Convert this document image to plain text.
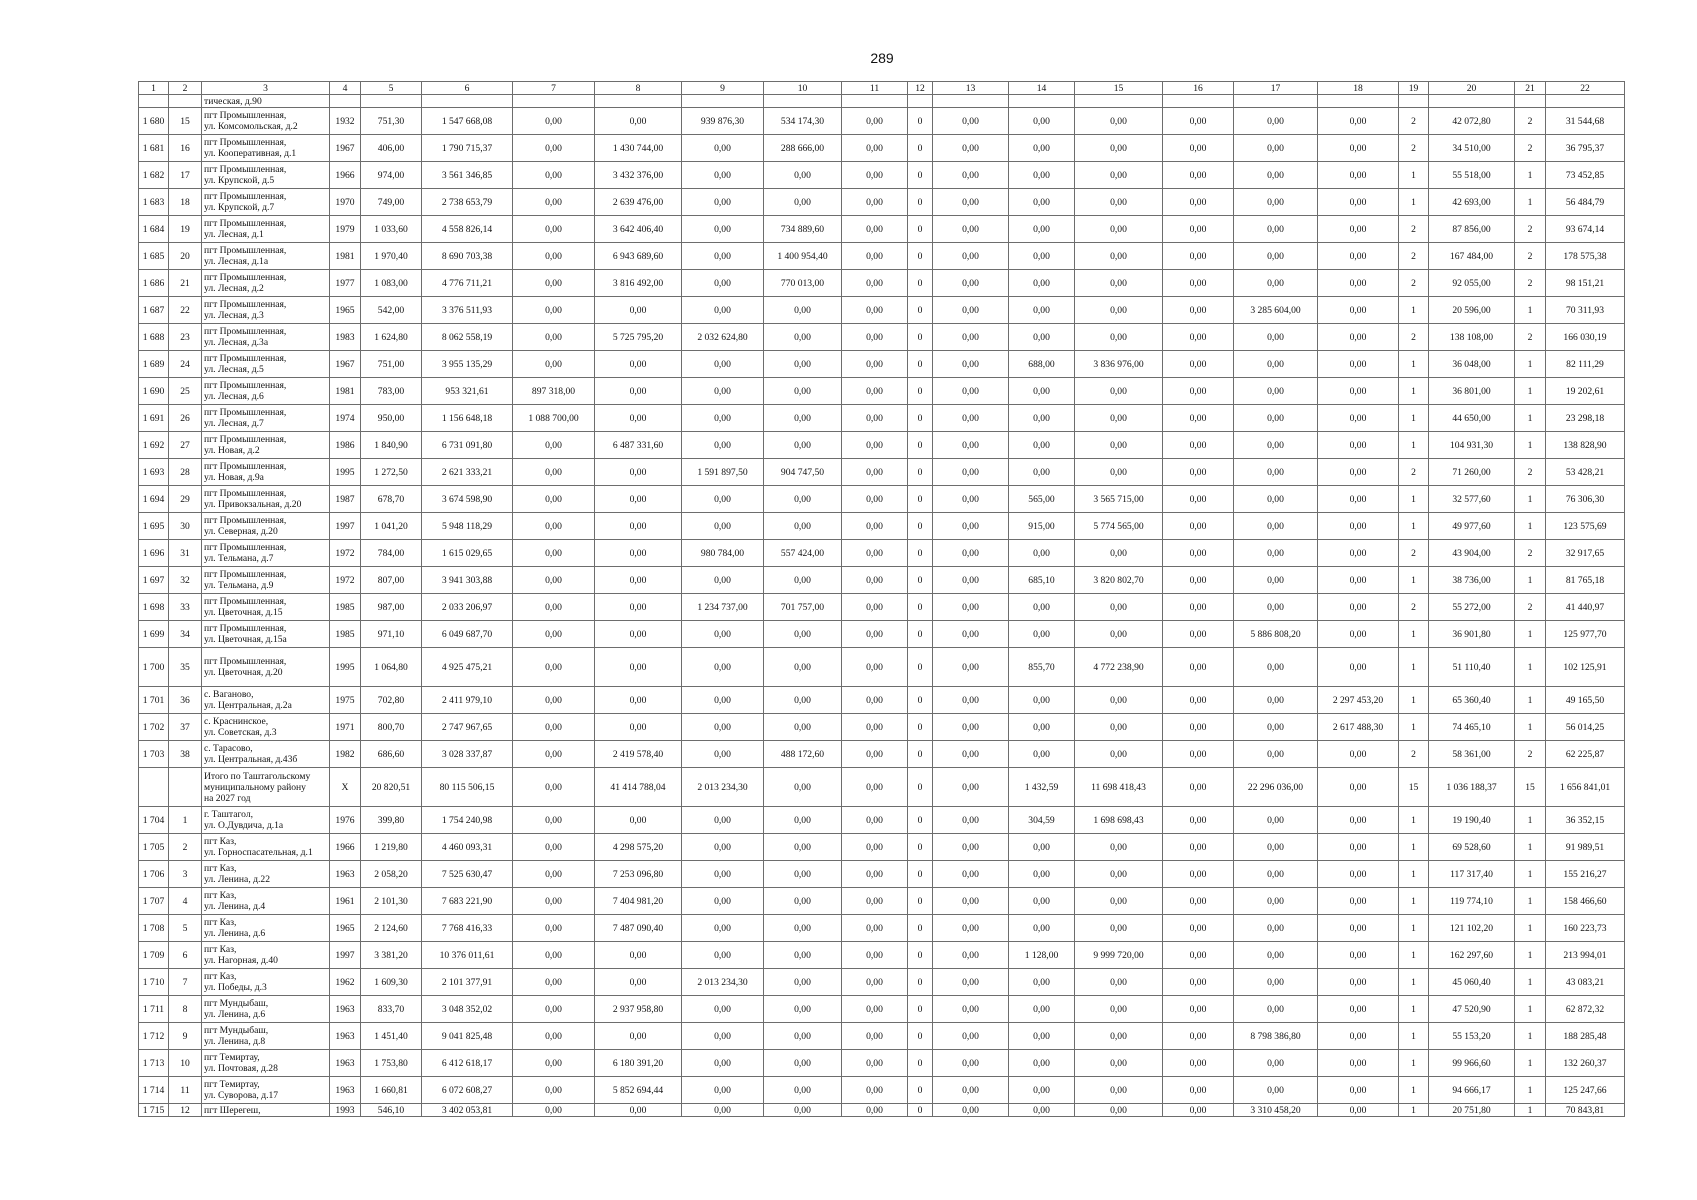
289
1	2	3	4	5	6	7	8	9	10	11	12	13	14	15	16	17	18	19	20	21	22
		тическая, д.90																			
1 680	15	пгт Промышленная,
ул. Комсомольская, д.2	1932	751,30	1 547 668,08	0,00	0,00	939 876,30	534 174,30	0,00	0	0,00	0,00	0,00	0,00	0,00	0,00	2	42 072,80	2	31 544,68
1 681	16	пгт Промышленная,
ул. Кооперативная, д.1	1967	406,00	1 790 715,37	0,00	1 430 744,00	0,00	288 666,00	0,00	0	0,00	0,00	0,00	0,00	0,00	0,00	2	34 510,00	2	36 795,37
1 682	17	пгт Промышленная,
ул. Крупской, д.5	1966	974,00	3 561 346,85	0,00	3 432 376,00	0,00	0,00	0,00	0	0,00	0,00	0,00	0,00	0,00	0,00	1	55 518,00	1	73 452,85
1 683	18	пгт Промышленная,
ул. Крупской, д.7	1970	749,00	2 738 653,79	0,00	2 639 476,00	0,00	0,00	0,00	0	0,00	0,00	0,00	0,00	0,00	0,00	1	42 693,00	1	56 484,79
1 684	19	пгт Промышленная,
ул. Лесная, д.1	1979	1 033,60	4 558 826,14	0,00	3 642 406,40	0,00	734 889,60	0,00	0	0,00	0,00	0,00	0,00	0,00	0,00	2	87 856,00	2	93 674,14
1 685	20	пгт Промышленная,
ул. Лесная, д.1а	1981	1 970,40	8 690 703,38	0,00	6 943 689,60	0,00	1 400 954,40	0,00	0	0,00	0,00	0,00	0,00	0,00	0,00	2	167 484,00	2	178 575,38
1 686	21	пгт Промышленная,
ул. Лесная, д.2	1977	1 083,00	4 776 711,21	0,00	3 816 492,00	0,00	770 013,00	0,00	0	0,00	0,00	0,00	0,00	0,00	0,00	2	92 055,00	2	98 151,21
1 687	22	пгт Промышленная,
ул. Лесная, д.3	1965	542,00	3 376 511,93	0,00	0,00	0,00	0,00	0,00	0	0,00	0,00	0,00	0,00	3 285 604,00	0,00	1	20 596,00	1	70 311,93
1 688	23	пгт Промышленная,
ул. Лесная, д.3а	1983	1 624,80	8 062 558,19	0,00	5 725 795,20	2 032 624,80	0,00	0,00	0	0,00	0,00	0,00	0,00	0,00	0,00	2	138 108,00	2	166 030,19
1 689	24	пгт Промышленная,
ул. Лесная, д.5	1967	751,00	3 955 135,29	0,00	0,00	0,00	0,00	0,00	0	0,00	688,00	3 836 976,00	0,00	0,00	0,00	1	36 048,00	1	82 111,29
1 690	25	пгт Промышленная,
ул. Лесная, д.6	1981	783,00	953 321,61	897 318,00	0,00	0,00	0,00	0,00	0	0,00	0,00	0,00	0,00	0,00	0,00	1	36 801,00	1	19 202,61
1 691	26	пгт Промышленная,
ул. Лесная, д.7	1974	950,00	1 156 648,18	1 088 700,00	0,00	0,00	0,00	0,00	0	0,00	0,00	0,00	0,00	0,00	0,00	1	44 650,00	1	23 298,18
1 692	27	пгт Промышленная,
ул. Новая, д.2	1986	1 840,90	6 731 091,80	0,00	6 487 331,60	0,00	0,00	0,00	0	0,00	0,00	0,00	0,00	0,00	0,00	1	104 931,30	1	138 828,90
1 693	28	пгт Промышленная,
ул. Новая, д.9а	1995	1 272,50	2 621 333,21	0,00	0,00	1 591 897,50	904 747,50	0,00	0	0,00	0,00	0,00	0,00	0,00	0,00	2	71 260,00	2	53 428,21
1 694	29	пгт Промышленная,
ул. Привокзальная, д.20	1987	678,70	3 674 598,90	0,00	0,00	0,00	0,00	0,00	0	0,00	565,00	3 565 715,00	0,00	0,00	0,00	1	32 577,60	1	76 306,30
1 695	30	пгт Промышленная,
ул. Северная, д.20	1997	1 041,20	5 948 118,29	0,00	0,00	0,00	0,00	0,00	0	0,00	915,00	5 774 565,00	0,00	0,00	0,00	1	49 977,60	1	123 575,69
1 696	31	пгт Промышленная,
ул. Тельмана, д.7	1972	784,00	1 615 029,65	0,00	0,00	980 784,00	557 424,00	0,00	0	0,00	0,00	0,00	0,00	0,00	0,00	2	43 904,00	2	32 917,65
1 697	32	пгт Промышленная,
ул. Тельмана, д.9	1972	807,00	3 941 303,88	0,00	0,00	0,00	0,00	0,00	0	0,00	685,10	3 820 802,70	0,00	0,00	0,00	1	38 736,00	1	81 765,18
1 698	33	пгт Промышленная,
ул. Цветочная, д.15	1985	987,00	2 033 206,97	0,00	0,00	1 234 737,00	701 757,00	0,00	0	0,00	0,00	0,00	0,00	0,00	0,00	2	55 272,00	2	41 440,97
1 699	34	пгт Промышленная,
ул. Цветочная, д.15а	1985	971,10	6 049 687,70	0,00	0,00	0,00	0,00	0,00	0	0,00	0,00	0,00	0,00	5 886 808,20	0,00	1	36 901,80	1	125 977,70
1 700	35	пгт Промышленная,
ул. Цветочная, д.20	1995	1 064,80	4 925 475,21	0,00	0,00	0,00	0,00	0,00	0	0,00	855,70	4 772 238,90	0,00	0,00	0,00	1	51 110,40	1	102 125,91
1 701	36	с. Ваганово,
ул. Центральная, д.2а	1975	702,80	2 411 979,10	0,00	0,00	0,00	0,00	0,00	0	0,00	0,00	0,00	0,00	0,00	2 297 453,20	1	65 360,40	1	49 165,50
1 702	37	с. Краснинское,
ул. Советская, д.3	1971	800,70	2 747 967,65	0,00	0,00	0,00	0,00	0,00	0	0,00	0,00	0,00	0,00	0,00	2 617 488,30	1	74 465,10	1	56 014,25
1 703	38	с. Тарасово,
ул. Центральная, д.43б	1982	686,60	3 028 337,87	0,00	2 419 578,40	0,00	488 172,60	0,00	0	0,00	0,00	0,00	0,00	0,00	0,00	2	58 361,00	2	62 225,87

		Итого по Таштагольскому
муниципальному району
на 2027 год	Х	20 820,51	80 115 506,15	0,00	41 414 788,04	2 013 234,30	0,00	0,00	0	0,00	1 432,59	11 698 418,43	0,00	22 296 036,00	0,00	15	1 036 188,37	15	1 656 841,01
1 704	1	г. Таштагол,
ул. О.Дувдича, д.1а	1976	399,80	1 754 240,98	0,00	0,00	0,00	0,00	0,00	0	0,00	304,59	1 698 698,43	0,00	0,00	0,00	1	19 190,40	1	36 352,15
1 705	2	пгт Каз,
ул. Горноспасательная, д.1	1966	1 219,80	4 460 093,31	0,00	4 298 575,20	0,00	0,00	0,00	0	0,00	0,00	0,00	0,00	0,00	0,00	1	69 528,60	1	91 989,51
1 706	3	пгт Каз,
ул. Ленина, д.22	1963	2 058,20	7 525 630,47	0,00	7 253 096,80	0,00	0,00	0,00	0	0,00	0,00	0,00	0,00	0,00	0,00	1	117 317,40	1	155 216,27
1 707	4	пгт Каз,
ул. Ленина, д.4	1961	2 101,30	7 683 221,90	0,00	7 404 981,20	0,00	0,00	0,00	0	0,00	0,00	0,00	0,00	0,00	0,00	1	119 774,10	1	158 466,60
1 708	5	пгт Каз,
ул. Ленина, д.6	1965	2 124,60	7 768 416,33	0,00	7 487 090,40	0,00	0,00	0,00	0	0,00	0,00	0,00	0,00	0,00	0,00	1	121 102,20	1	160 223,73
1 709	6	пгт Каз,
ул. Нагорная, д.40	1997	3 381,20	10 376 011,61	0,00	0,00	0,00	0,00	0,00	0	0,00	1 128,00	9 999 720,00	0,00	0,00	0,00	1	162 297,60	1	213 994,01
1 710	7	пгт Каз,
ул. Победы, д.3	1962	1 609,30	2 101 377,91	0,00	0,00	2 013 234,30	0,00	0,00	0	0,00	0,00	0,00	0,00	0,00	0,00	1	45 060,40	1	43 083,21
1 711	8	пгт Мундыбаш,
ул. Ленина, д.6	1963	833,70	3 048 352,02	0,00	2 937 958,80	0,00	0,00	0,00	0	0,00	0,00	0,00	0,00	0,00	0,00	1	47 520,90	1	62 872,32
1 712	9	пгт Мундыбаш,
ул. Ленина, д.8	1963	1 451,40	9 041 825,48	0,00	0,00	0,00	0,00	0,00	0	0,00	0,00	0,00	0,00	8 798 386,80	0,00	1	55 153,20	1	188 285,48
1 713	10	пгт Темиртау,
ул. Почтовая, д.28	1963	1 753,80	6 412 618,17	0,00	6 180 391,20	0,00	0,00	0,00	0	0,00	0,00	0,00	0,00	0,00	0,00	1	99 966,60	1	132 260,37
1 714	11	пгт Темиртау,
ул. Суворова, д.17	1963	1 660,81	6 072 608,27	0,00	5 852 694,44	0,00	0,00	0,00	0	0,00	0,00	0,00	0,00	0,00	0,00	1	94 666,17	1	125 247,66
1 715	12	пгт Шерегеш,	1993	546,10	3 402 053,81	0,00	0,00	0,00	0,00	0,00	0	0,00	0,00	0,00	0,00	3 310 458,20	0,00	1	20 751,80	1	70 843,81
